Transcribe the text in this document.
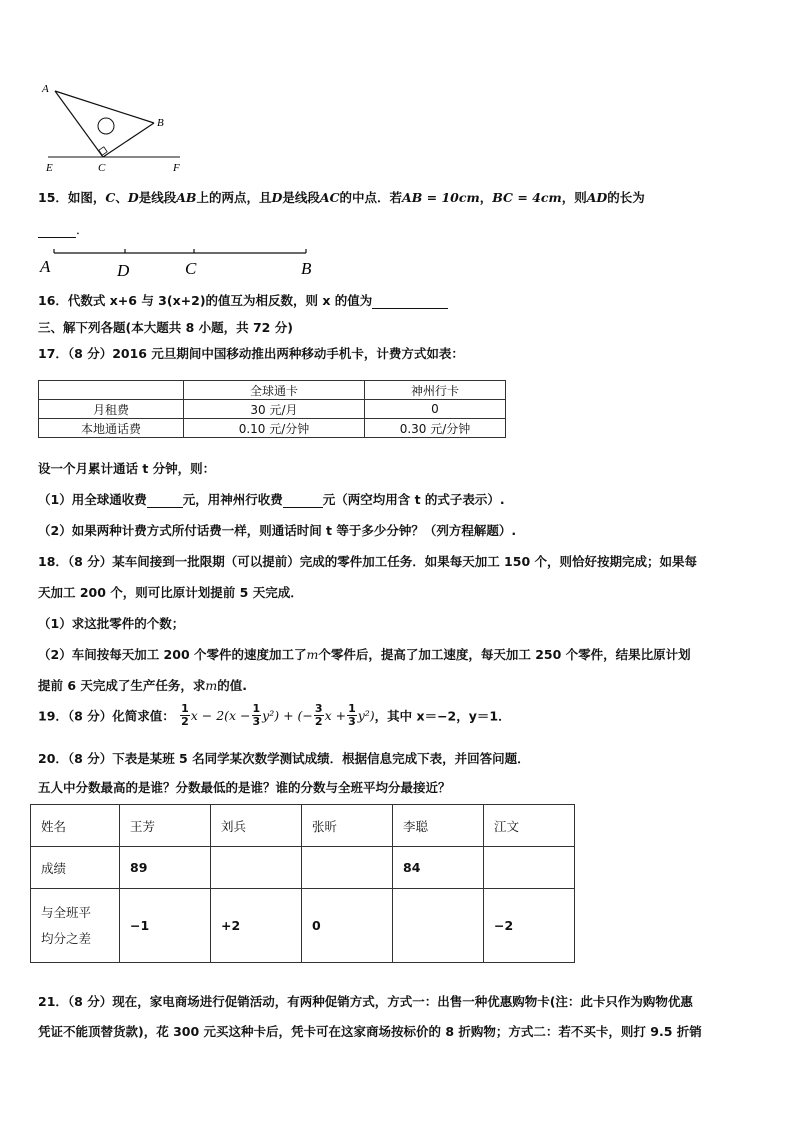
A
B
C
E	F
15．如图，C、D是线段AB上的两点，且D是线段AC的中点．若AB = 10cm，BC = 4cm，则AD的长为
．
A	D	C	B
16．代数式 x+6 与 3(x+2)的值互为相反数，则 x 的值为
三、解下列各题(本大题共 8 小题，共 72 分)
17．（8 分）2016 元旦期间中国移动推出两种移动手机卡，计费方式如表：
	全球通卡	神州行卡
月租费	30 元/月	0
本地通话费	0.10 元/分钟	0.30 元/分钟
设一个月累计通话 t 分钟，则：
（1）用全球通收费	元，用神州行收费	元（两空均用含 t 的式子表示）.
（2）如果两种计费方式所付话费一样，则通话时间 t 等于多少分钟？（列方程解题）.
18．（8 分）某车间接到一批限期（可以提前）完成的零件加工任务．如果每天加工 150 个，则恰好按期完成；如果每
天加工 200 个，则可比原计划提前 5 天完成．
（1）求这批零件的个数；
（2）车间按每天加工 200 个零件的速度加工了m个零件后，提高了加工速度，每天加工 250 个零件，结果比原计划
提前 6 天完成了生产任务，求m的值.
19．（8 分）化简求值： $\frac{1}{2}$ $x - 2(x - \frac{1}{3} y^2)$ + (− $\frac{3}{2}$ $x + \frac{1}{3} y^2$)，其中 x＝−2，y＝1．
20．（8 分）下表是某班 5 名同学某次数学测试成绩．根据信息完成下表，并回答问题．
五人中分数最高的是谁？分数最低的是谁？谁的分数与全班平均分最接近？
姓名	王芳	刘兵	张昕	李聪	江文
成绩	89			84	
与全班平
均分之差	−1	+2	0		−2
21．（8 分）现在，家电商场进行促销活动，有两种促销方式，方式一：出售一种优惠购物卡(注：此卡只作为购物优惠
凭证不能顶替货款)，花 300 元买这种卡后，凭卡可在这家商场按标价的 8 折购物；方式二：若不买卡，则打 9.5 折销
